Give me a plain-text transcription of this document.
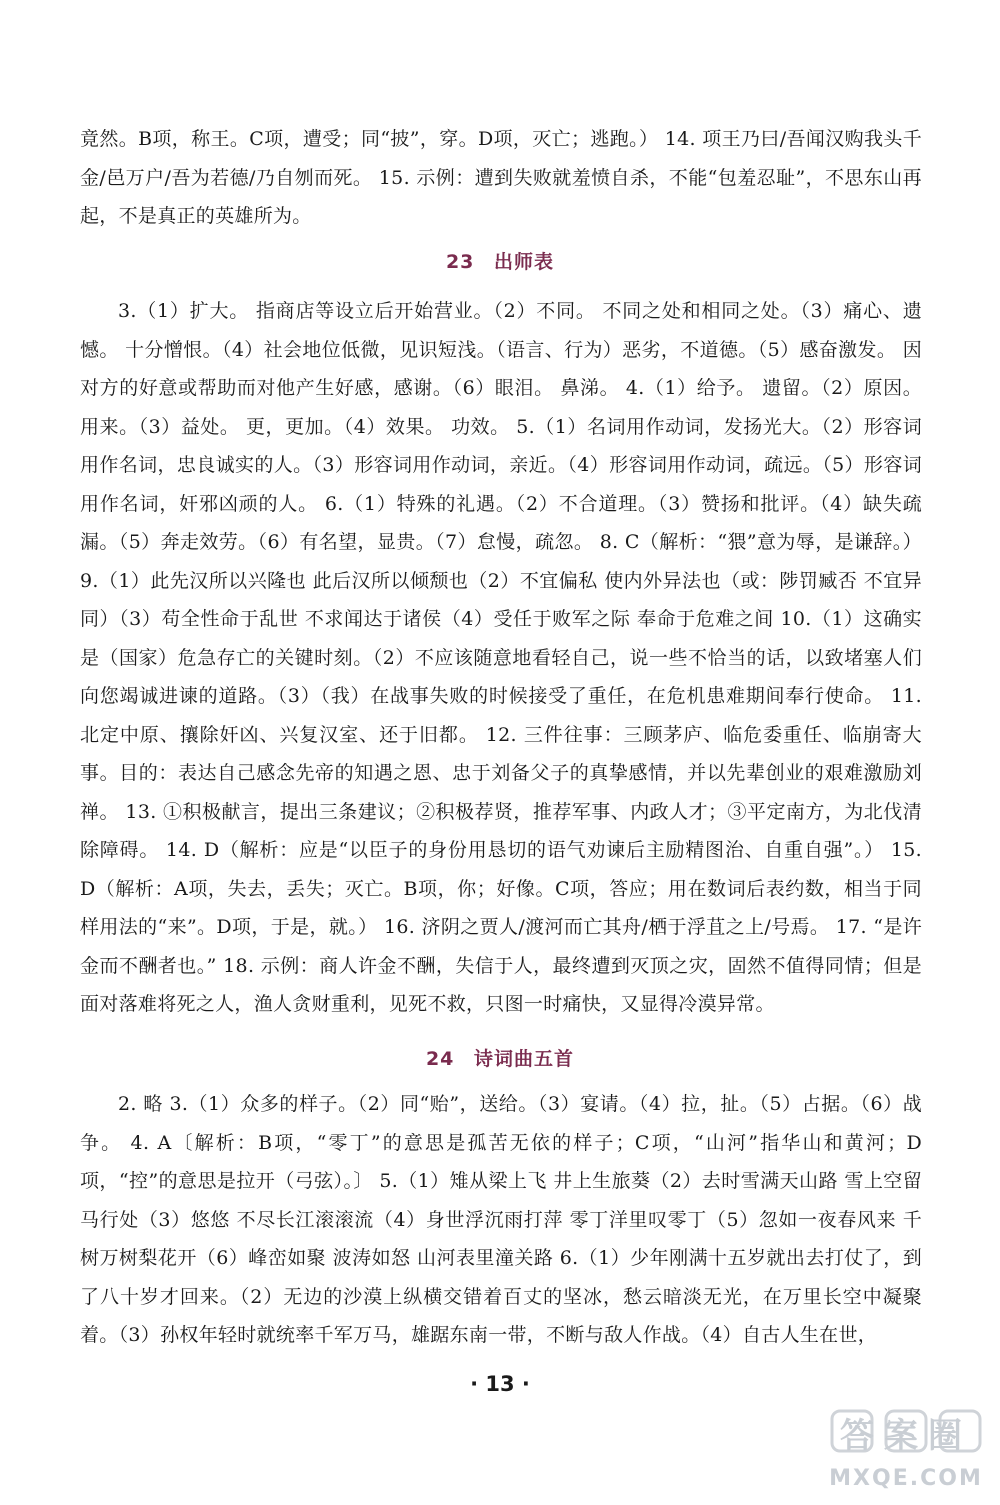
竟然。B项，称王。C项，遭受；同“披”，穿。D项，灭亡；逃跑。） 14. 项王乃曰/吾闻汉购我头千金/邑万户/吾为若德/乃自刎而死。 15. 示例：遭到失败就羞愤自杀，不能“包羞忍耻”，不思东山再起，不是真正的英雄所为。

23 出师表

3.（1）扩大。 指商店等设立后开始营业。（2）不同。 不同之处和相同之处。（3）痛心、遗憾。 十分憎恨。（4）社会地位低微，见识短浅。（语言、行为）恶劣，不道德。（5）感奋激发。 因对方的好意或帮助而对他产生好感，感谢。（6）眼泪。 鼻涕。 4.（1）给予。 遗留。（2）原因。 用来。（3）益处。 更，更加。（4）效果。 功效。 5.（1）名词用作动词，发扬光大。（2）形容词用作名词，忠良诚实的人。（3）形容词用作动词，亲近。（4）形容词用作动词，疏远。（5）形容词用作名词，奸邪凶顽的人。 6.（1）特殊的礼遇。（2）不合道理。（3）赞扬和批评。（4）缺失疏漏。（5）奔走效劳。（6）有名望，显贵。（7）怠慢，疏忽。 8. C（解析：“猥”意为辱，是谦辞。） 9.（1）此先汉所以兴隆也 此后汉所以倾颓也（2）不宜偏私 使内外异法也（或：陟罚臧否 不宜异同）（3）苟全性命于乱世 不求闻达于诸侯（4）受任于败军之际 奉命于危难之间 10.（1）这确实是（国家）危急存亡的关键时刻。（2）不应该随意地看轻自己，说一些不恰当的话，以致堵塞人们向您竭诚进谏的道路。（3）（我）在战事失败的时候接受了重任，在危机患难期间奉行使命。 11. 北定中原、攘除奸凶、兴复汉室、还于旧都。 12. 三件往事：三顾茅庐、临危委重任、临崩寄大事。目的：表达自己感念先帝的知遇之恩、忠于刘备父子的真挚感情，并以先辈创业的艰难激励刘禅。 13. ①积极献言，提出三条建议；②积极荐贤，推荐军事、内政人才；③平定南方，为北伐清除障碍。 14. D（解析：应是“以臣子的身份用恳切的语气劝谏后主励精图治、自重自强”。） 15. D（解析：A项，失去，丢失；灭亡。B项，你；好像。C项，答应；用在数词后表约数，相当于同样用法的“来”。D项，于是，就。） 16. 济阴之贾人/渡河而亡其舟/栖于浮苴之上/号焉。 17. “是许金而不酬者也。” 18. 示例：商人许金不酬，失信于人，最终遭到灭顶之灾，固然不值得同情；但是面对落难将死之人，渔人贪财重利，见死不救，只图一时痛快，又显得冷漠异常。

24 诗词曲五首

2. 略 3.（1）众多的样子。（2）同“贻”，送给。（3）宴请。（4）拉，扯。（5）占据。（6）战争。 4. A〔解析：B项，“零丁”的意思是孤苦无依的样子；C项，“山河”指华山和黄河；D项，“控”的意思是拉开（弓弦）。〕 5.（1）雉从梁上飞 井上生旅葵（2）去时雪满天山路 雪上空留马行处（3）悠悠 不尽长江滚滚流（4）身世浮沉雨打萍 零丁洋里叹零丁（5）忽如一夜春风来 千树万树梨花开（6）峰峦如聚 波涛如怒 山河表里潼关路 6.（1）少年刚满十五岁就出去打仗了，到了八十岁才回来。（2）无边的沙漠上纵横交错着百丈的坚冰，愁云暗淡无光，在万里长空中凝聚着。（3）孙权年轻时就统率千军万马，雄踞东南一带，不断与敌人作战。（4）自古人生在世，

· 13 ·
答案圈
MXQE.COM
